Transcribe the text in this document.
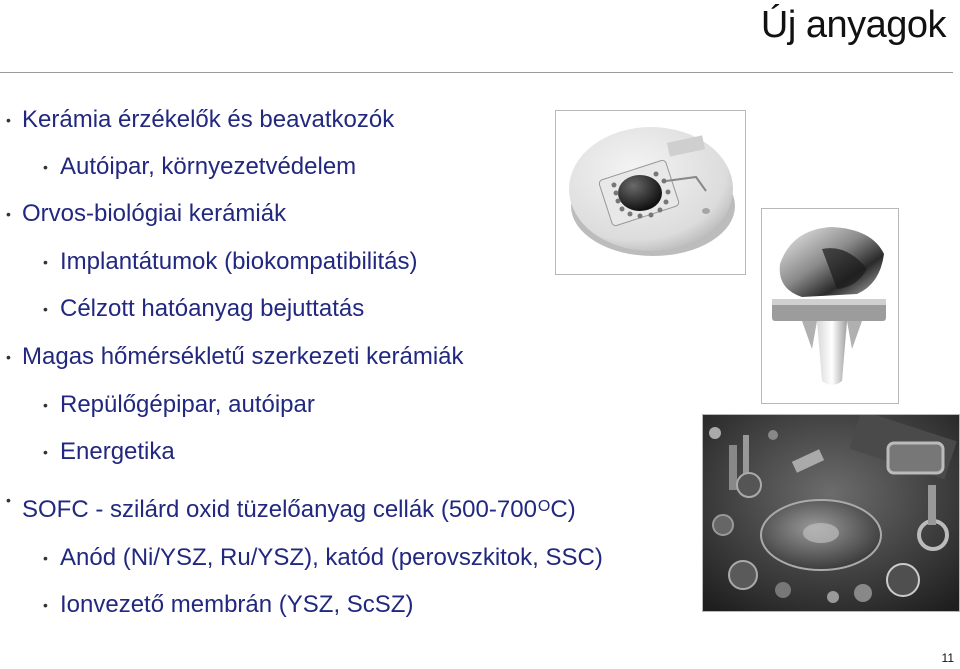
Új anyagok
• Kerámia érzékelők és beavatkozók
• Autóipar, környezetvédelem
• Orvos-biológiai kerámiák
• Implantátumok (biokompatibilitás)
• Célzott hatóanyag bejuttatás
• Magas hőmérsékletű szerkezeti kerámiák
• Repülőgépipar, autóipar
• Energetika
• SOFC - szilárd oxid tüzelőanyag cellák $(500-700^OC)$
• Anód (Ni/YSZ, Ru/YSZ), katód (perovszkitok, SSC)
• Ionvezető membrán (YSZ, ScSZ)
11
